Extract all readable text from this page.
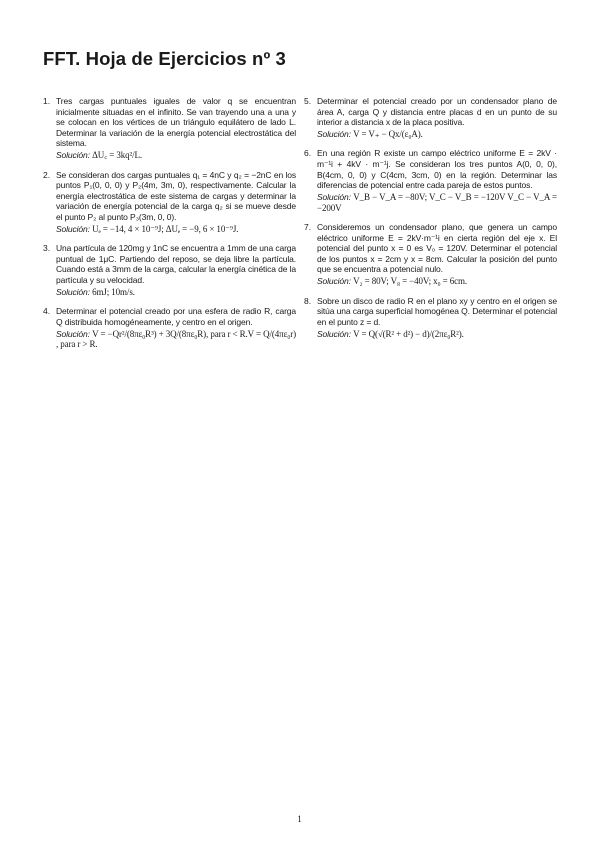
FFT. Hoja de Ejercicios nº 3
1. Tres cargas puntuales iguales de valor q se encuentran inicialmente situadas en el infinito. Se van trayendo una a una y se colocan en los vértices de un triángulo equilátero de lado L. Determinar la variación de la energía potencial electrostática del sistema.
Solución: ΔU꜀ = 3kq²/L.
2. Se consideran dos cargas puntuales q₁ = 4nC y q₂ = −2nC en los puntos P₁(0, 0, 0) y P₂(4m, 3m, 0), respectivamente. Calcular la energía electrostática de este sistema de cargas y determinar la variación de energía potencial de la carga q₂ si se mueve desde el punto P₂ al punto P₃(3m, 0, 0).
Solución: Uₑ = −14, 4 × 10⁻⁹J; ΔUₑ = −9, 6 × 10⁻⁹J.
3. Una partícula de 120mg y 1nC se encuentra a 1mm de una carga puntual de 1μC. Partiendo del reposo, se deja libre la partícula. Cuando está a 3mm de la carga, calcular la energía cinética de la partícula y su velocidad.
Solución: 6mJ; 10m/s.
4. Determinar el potencial creado por una esfera de radio R, carga Q distribuida homogéneamente, y centro en el origen.
Solución: V = −Qr²/(8πε₀R³) + 3Q/(8πε₀R), para r < R.V = Q/(4πε₀r) , para r > R.
5. Determinar el potencial creado por un condensador plano de área A, carga Q y distancia entre placas d en un punto de su interior a distancia x de la placa positiva.
Solución: V = V₊ − Qx/(ε₀A).
6. En una región R existe un campo eléctrico uniforme E = 2kV · m⁻¹i + 4kV · m⁻¹j. Se consideran los tres puntos A(0, 0, 0), B(4cm, 0, 0) y C(4cm, 3cm, 0) en la región. Determinar las diferencias de potencial entre cada pareja de estos puntos.
Solución: V_B − V_A = −80V; V_C − V_B = −120V V_C − V_A = −200V
7. Consideremos un condensador plano, que genera un campo eléctrico uniforme E = 2kV·m⁻¹i en cierta región del eje x. El potencial del punto x = 0 es V₀ = 120V. Determinar el potencial de los puntos x = 2cm y x = 8cm. Calcular la posición del punto que se encuentra a potencial nulo.
Solución: V₂ = 80V; V₈ = −40V; x₀ = 6cm.
8. Sobre un disco de radio R en el plano xy y centro en el origen se sitúa una carga superficial homogénea Q. Determinar el potencial en el punto z = d.
Solución: V = Q(√(R² + d²) − d)/(2πε₀R²).
1
